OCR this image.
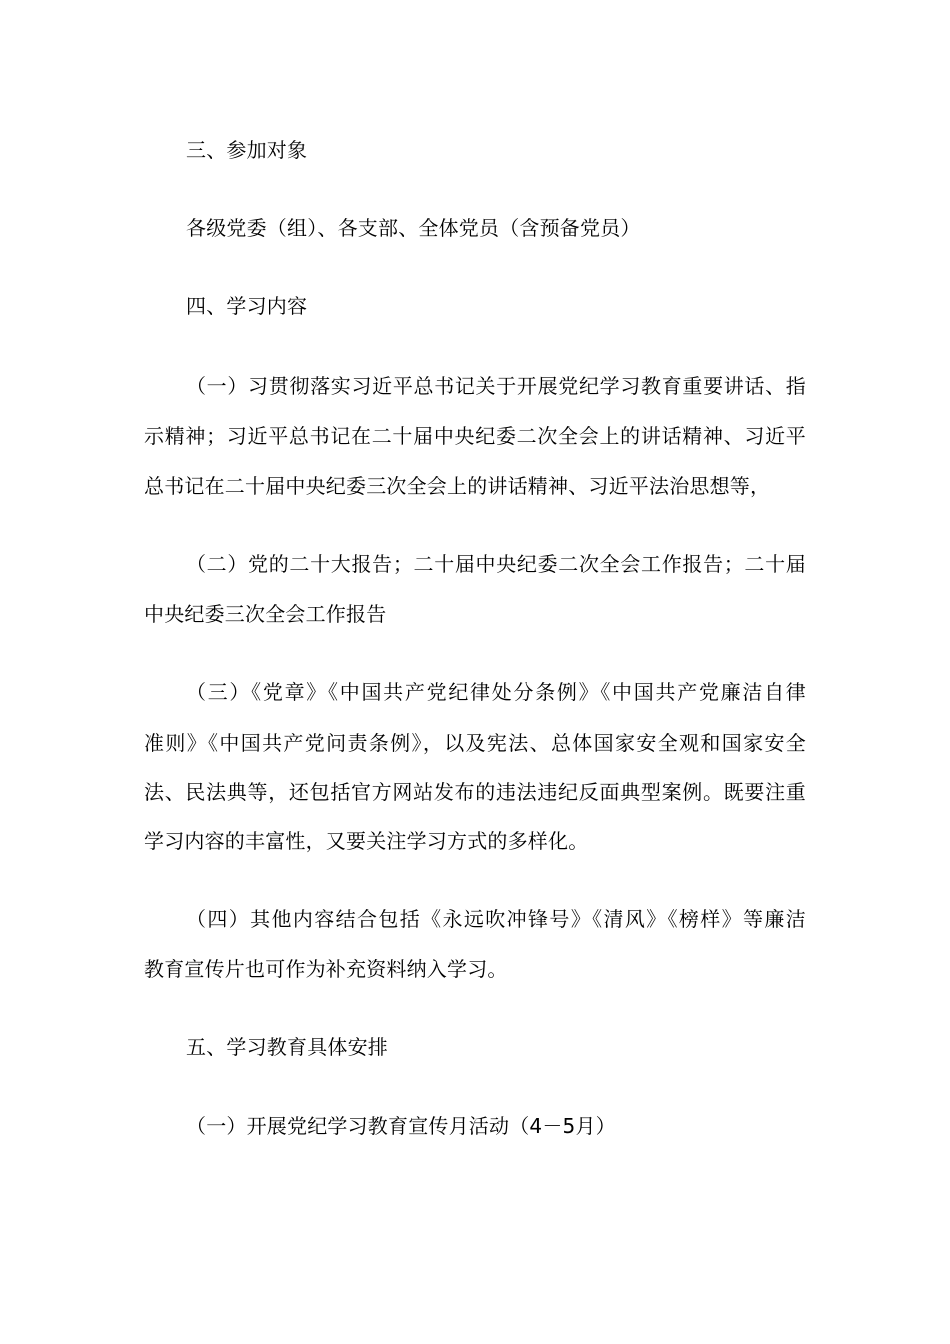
三、参加对象
各级党委（组）、各支部、全体党员（含预备党员）
四、学习内容
（一）习贯彻落实习近平总书记关于开展党纪学习教育重要讲话、指
示精神；习近平总书记在二十届中央纪委二次全会上的讲话精神、习近平
总书记在二十届中央纪委三次全会上的讲话精神、习近平法治思想等，
（二）党的二十大报告；二十届中央纪委二次全会工作报告；二十届
中央纪委三次全会工作报告
（三）《党章》《中国共产党纪律处分条例》《中国共产党廉洁自律
准则》《中国共产党问责条例》，以及宪法、总体国家安全观和国家安全
法、民法典等，还包括官方网站发布的违法违纪反面典型案例。既要注重
学习内容的丰富性，又要关注学习方式的多样化。
（四）其他内容结合包括《永远吹冲锋号》《清风》《榜样》等廉洁
教育宣传片也可作为补充资料纳入学习。
五、学习教育具体安排
（一）开展党纪学习教育宣传月活动（4－5月）
